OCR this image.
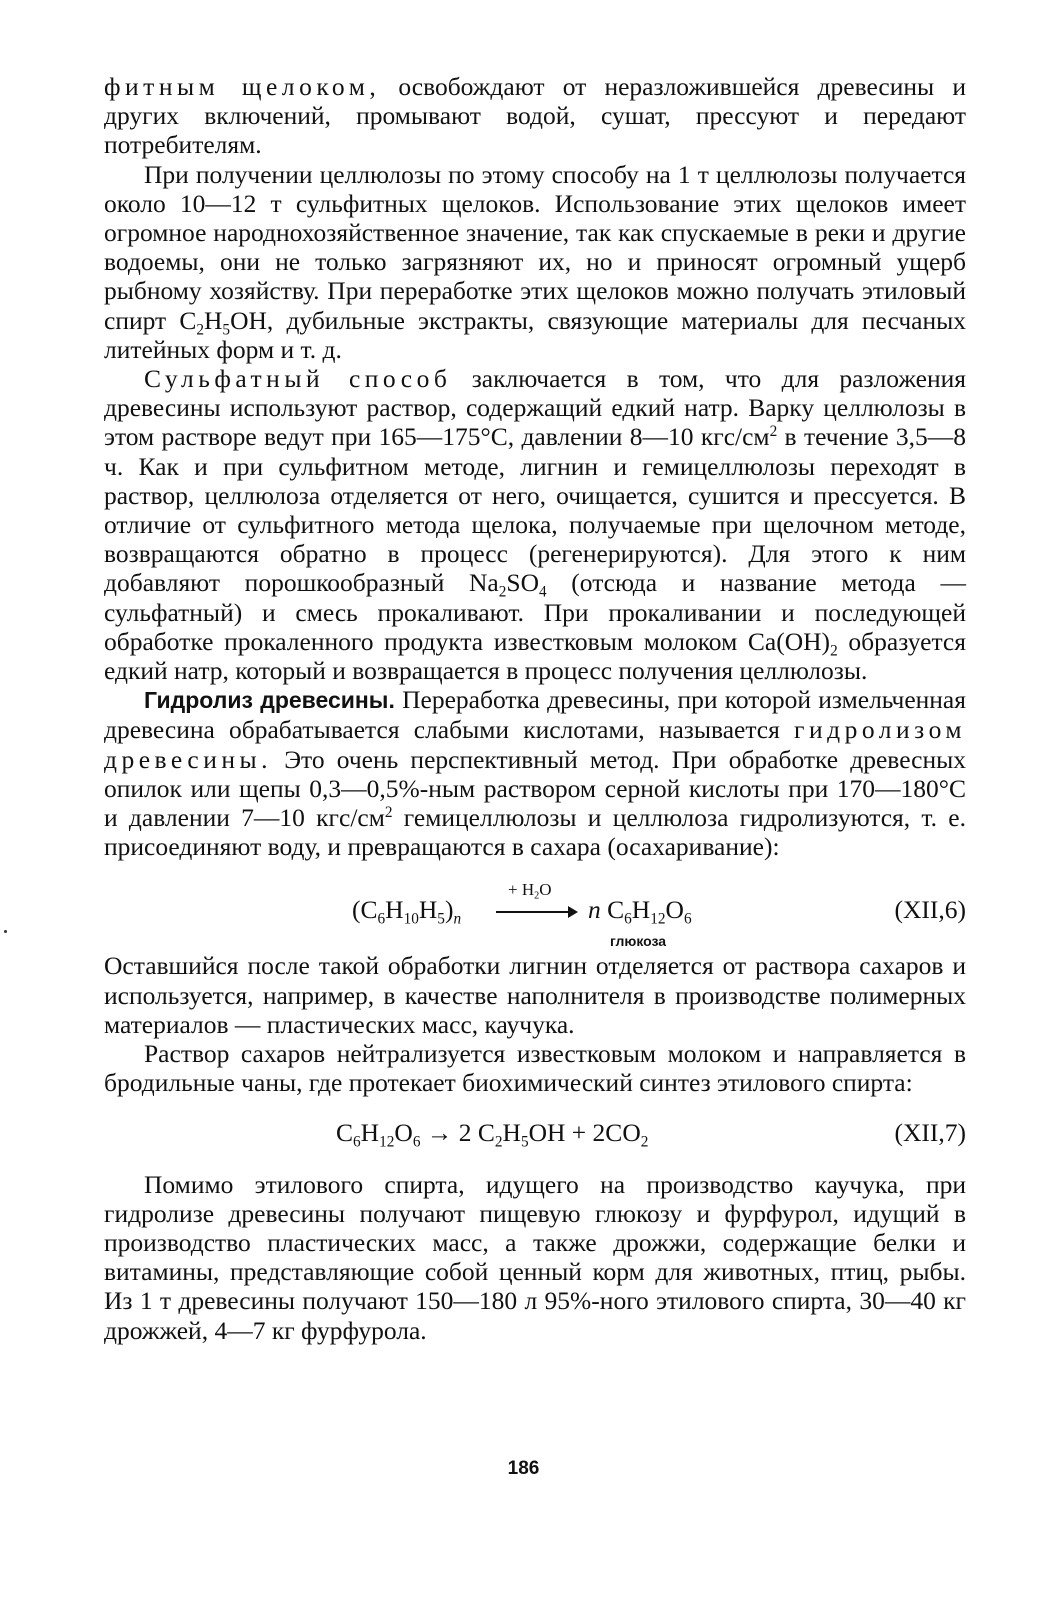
фитным щелоком, освобождают от неразложившейся древесины и других включений, промывают водой, сушат, прессуют и передают потребителям.

При получении целлюлозы по этому способу на 1 т целлюлозы получается около 10—12 т сульфитных щелоков. Использование этих щелоков имеет огромное народнохозяйственное значение, так как спускаемые в реки и другие водоемы, они не только загрязняют их, но и приносят огромный ущерб рыбному хозяйству. При переработке этих щелоков можно получать этиловый спирт $C_2H_5OH$, дубильные экстракты, связующие материалы для песчаных литейных форм и т. д.

Сульфатный способ заключается в том, что для разложения древесины используют раствор, содержащий едкий натр. Варку целлюлозы в этом растворе ведут при 165—175°С, давлении 8—10 кгс/$см^2$ в течение 3,5—8 ч. Как и при сульфитном методе, лигнин и гемицеллюлозы переходят в раствор, целлюлоза отделяется от него, очищается, сушится и прессуется. В отличие от сульфитного метода щелока, получаемые при щелочном методе, возвращаются обратно в процесс (регенерируются). Для этого к ним добавляют порошкообразный $Na_2SO_4$ (отсюда и название метода — сульфатный) и смесь прокаливают. При прокаливании и последующей обработке прокаленного продукта известковым молоком $Ca(OH)_2$ образуется едкий натр, который и возвращается в процесс получения целлюлозы.

Гидролиз древесины. Переработка древесины, при которой измельченная древесина обрабатывается слабыми кислотами, называется гидролизом древесины. Это очень перспективный метод. При обработке древесных опилок или щепы 0,3—0,5%-ным раствором серной кислоты при 170—180°С и давлении 7—10 кгс/$см^2$ гемицеллюлозы и целлюлоза гидролизуются, т. е. присоединяют воду, и превращаются в сахара (осахаривание):

$(C_6H_{10}H_5)_n$
+ $H_2O$
→ n $C_6H_{12}O_6$
глюкоза
(XII,6)

Оставшийся после такой обработки лигнин отделяется от раствора сахаров и используется, например, в качестве наполнителя в производстве полимерных материалов — пластических масс, каучука.

Раствор сахаров нейтрализуется известковым молоком и направляется в бродильные чаны, где протекает биохимический синтез этилового спирта:

$C_6H_{12}O_6 \to 2$ $C_2H_5OH + 2CO_2$	(XII,7)

Помимо этилового спирта, идущего на производство каучука, при гидролизе древесины получают пищевую глюкозу и фурфурол, идущий в производство пластических масс, а также дрожжи, содержащие белки и витамины, представляющие собой ценный корм для животных, птиц, рыбы. Из 1 т древесины получают 150—180 л 95%-ного этилового спирта, 30—40 кг дрожжей, 4—7 кг фурфурола.

186
